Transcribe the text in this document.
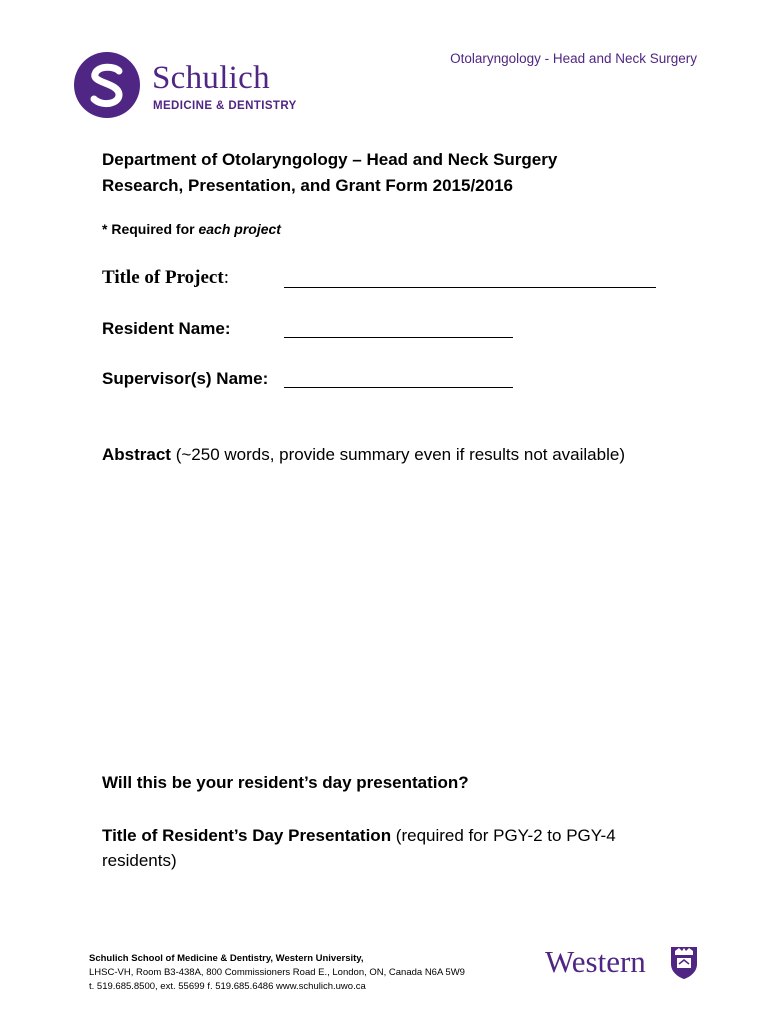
Schulich
MEDICINE & DENTISTRY
Otolaryngology - Head and Neck Surgery
Department of Otolaryngology – Head and Neck Surgery
Research, Presentation, and Grant Form 2015/2016
* Required for each project
Title of Project:
Resident Name:
Supervisor(s) Name:
Abstract (~250 words, provide summary even if results not available)
Will this be your resident’s day presentation?
Title of Resident’s Day Presentation (required for PGY-2 to PGY-4 residents)
Schulich School of Medicine & Dentistry, Western University,
LHSC-VH, Room B3-438A, 800 Commissioners Road E., London, ON, Canada N6A 5W9
t. 519.685.8500, ext. 55699 f. 519.685.6486 www.schulich.uwo.ca
Western
